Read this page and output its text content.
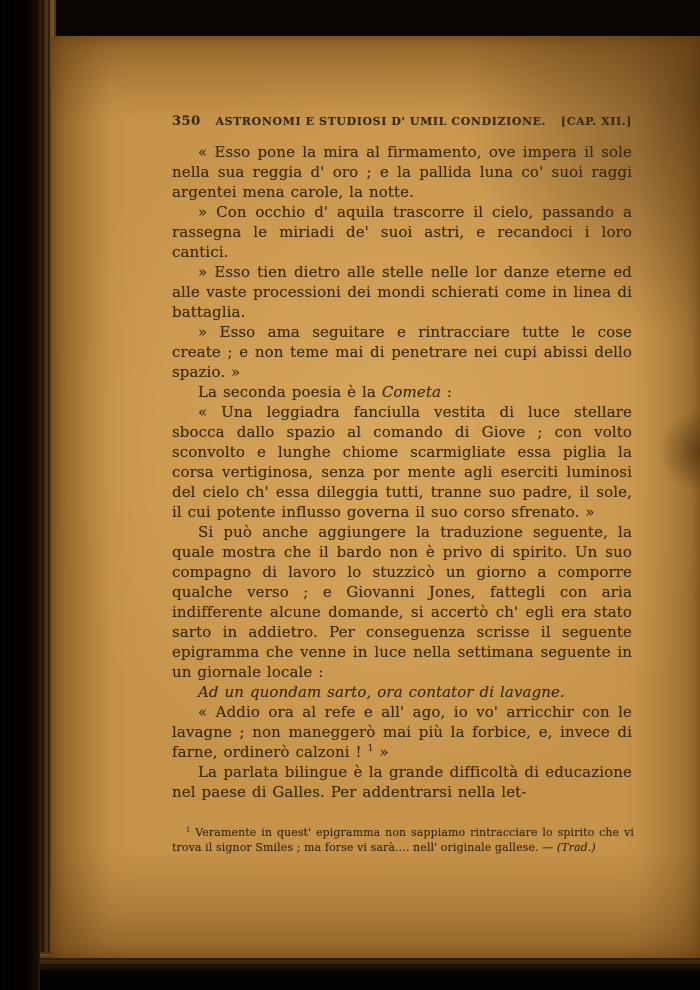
350 ASTRONOMI E STUDIOSI D' UMIL CONDIZIONE. [CAP. XII.]

« Esso pone la mira al firmamento, ove impera il sole nella sua reggia d' oro ; e la pallida luna co' suoi raggi argentei mena carole, la notte.

» Con occhio d' aquila trascorre il cielo, passando a rassegna le miriadi de' suoi astri, e recandoci i loro cantici.

» Esso tien dietro alle stelle nelle lor danze eterne ed alle vaste processioni dei mondi schierati come in linea di battaglia.

» Esso ama seguitare e rintracciare tutte le cose create ; e non teme mai di penetrare nei cupi abissi dello spazio. »

La seconda poesia è la Cometa :

« Una leggiadra fanciulla vestita di luce stellare sbocca dallo spazio al comando di Giove ; con volto sconvolto e lunghe chiome scarmigliate essa piglia la corsa vertiginosa, senza por mente agli eserciti luminosi del cielo ch' essa dileggia tutti, tranne suo padre, il sole, il cui potente influsso governa il suo corso sfrenato. »

Si può anche aggiungere la traduzione seguente, la quale mostra che il bardo non è privo di spirito. Un suo compagno di lavoro lo stuzzicò un giorno a comporre qualche verso ; e Giovanni Jones, fattegli con aria indifferente alcune domande, si accertò ch' egli era stato sarto in addietro. Per conseguenza scrisse il seguente epigramma che venne in luce nella settimana seguente in un giornale locale :

Ad un quondam sarto, ora contator di lavagne.

« Addio ora al refe e all' ago, io vo' arricchir con le lavagne ; non maneggerò mai più la forbice, e, invece di farne, ordinerò calzoni ! $^1$ »

La parlata bilingue è la grande difficoltà di educazione nel paese di Galles. Per addentrarsi nella let-

$^1$ Veramente in quest' epigramma non sappiamo rintracciare lo spirito che vi trova il signor Smiles ; ma forse vi sarà.... nell' originale gallese. — (Trad.)
